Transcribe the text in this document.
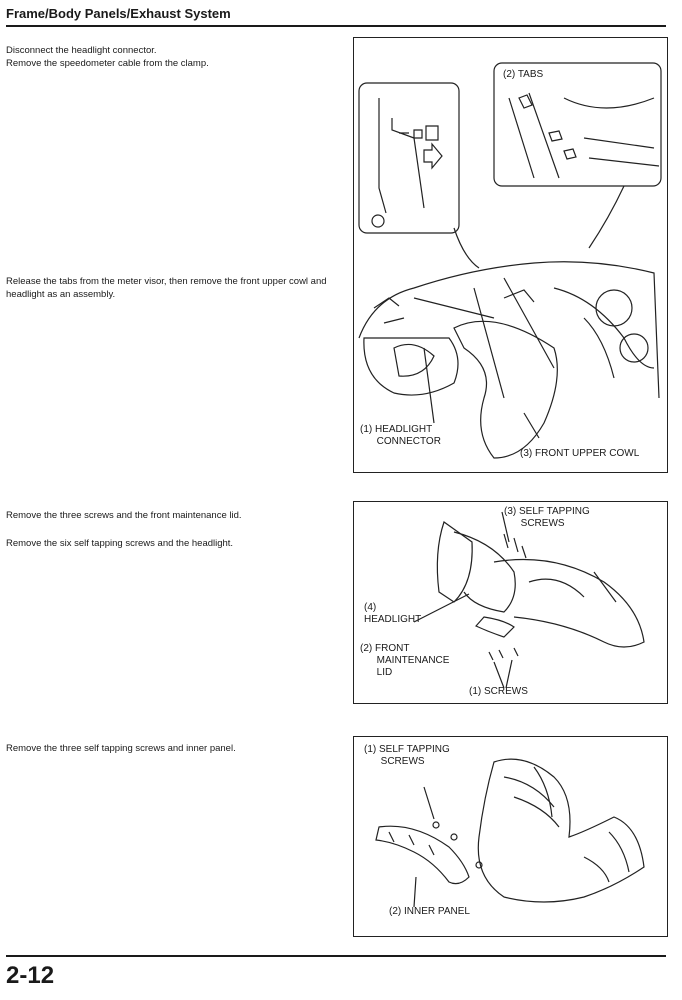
Frame/Body Panels/Exhaust System
Disconnect the headlight connector.
Remove the speedometer cable from the clamp.
Release the tabs from the meter visor, then remove the front upper cowl and headlight as an assembly.
Remove the three screws and the front maintenance lid.
Remove the six self tapping screws and the headlight.
Remove the three self tapping screws and inner panel.
(2) TABS
(1) HEADLIGHT
CONNECTOR
(3) FRONT UPPER COWL
(3) SELF TAPPING
SCREWS
(4)
HEADLIGHT
(2) FRONT
MAINTENANCE
LID
(1) SCREWS
(1) SELF TAPPING
SCREWS
(2) INNER PANEL
2-12
